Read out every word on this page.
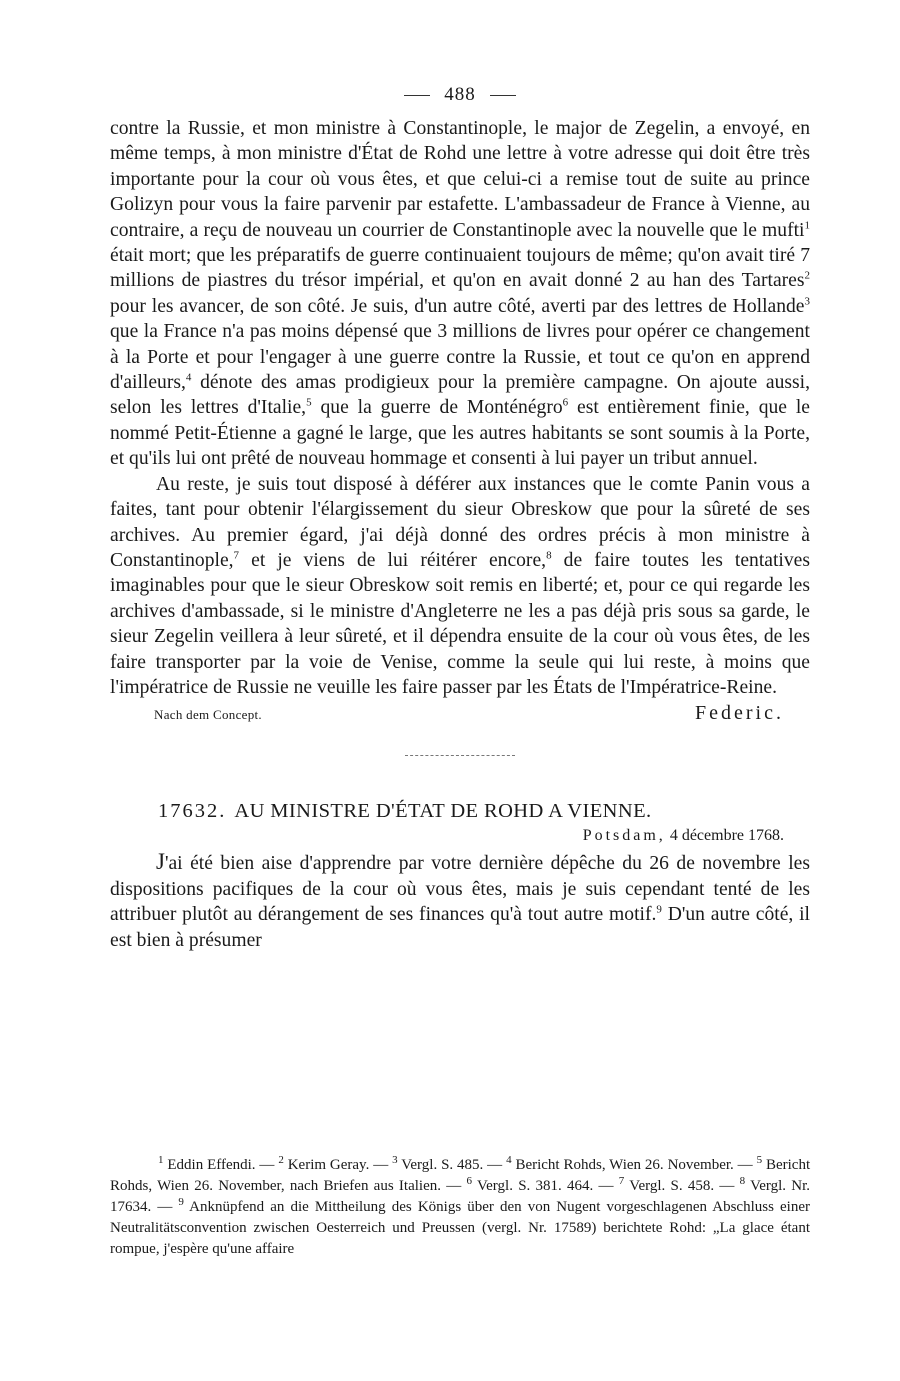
488

contre la Russie, et mon ministre à Constantinople, le major de Zegelin, a envoyé, en même temps, à mon ministre d'État de Rohd une lettre à votre adresse qui doit être très importante pour la cour où vous êtes, et que celui-ci a remise tout de suite au prince Golizyn pour vous la faire parvenir par estafette. L'ambassadeur de France à Vienne, au contraire, a reçu de nouveau un courrier de Constantinople avec la nouvelle que le mufti$^1$ était mort; que les préparatifs de guerre continuaient toujours de même; qu'on avait tiré 7 millions de piastres du trésor impérial, et qu'on en avait donné 2 au han des Tartares$^2$ pour les avancer, de son côté. Je suis, d'un autre côté, averti par des lettres de Hollande$^3$ que la France n'a pas moins dépensé que 3 millions de livres pour opérer ce changement à la Porte et pour l'engager à une guerre contre la Russie, et tout ce qu'on en apprend d'ailleurs,$^4$ dénote des amas prodigieux pour la première campagne. On ajoute aussi, selon les lettres d'Italie,$^5$ que la guerre de Monténégro$^6$ est entièrement finie, que le nommé Petit-Étienne a gagné le large, que les autres habitants se sont soumis à la Porte, et qu'ils lui ont prêté de nouveau hommage et consenti à lui payer un tribut annuel.

Au reste, je suis tout disposé à déférer aux instances que le comte Panin vous a faites, tant pour obtenir l'élargissement du sieur Obreskow que pour la sûreté de ses archives. Au premier égard, j'ai déjà donné des ordres précis à mon ministre à Constantinople,$^7$ et je viens de lui réitérer encore,$^8$ de faire toutes les tentatives imaginables pour que le sieur Obreskow soit remis en liberté; et, pour ce qui regarde les archives d'ambassade, si le ministre d'Angleterre ne les a pas déjà pris sous sa garde, le sieur Zegelin veillera à leur sûreté, et il dépendra ensuite de la cour où vous êtes, de les faire transporter par la voie de Venise, comme la seule qui lui reste, à moins que l'impératrice de Russie ne veuille les faire passer par les États de l'Impératrice-Reine.

Nach dem Concept.	Federic.
17632. AU MINISTRE D'ÉTAT DE ROHD A VIENNE.
Potsdam, 4 décembre 1768.

J'ai été bien aise d'apprendre par votre dernière dépêche du 26 de novembre les dispositions pacifiques de la cour où vous êtes, mais je suis cependant tenté de les attribuer plutôt au dérangement de ses finances qu'à tout autre motif.$^9$ D'un autre côté, il est bien à présumer

$^1$ Eddin Effendi. — $^2$ Kerim Geray. — $^3$ Vergl. S. 485. — $^4$ Bericht Rohds, Wien 26. November. — $^5$ Bericht Rohds, Wien 26. November, nach Briefen aus Italien. — $^6$ Vergl. S. 381. 464. — $^7$ Vergl. S. 458. — $^8$ Vergl. Nr. 17634. — $^9$ Anknüpfend an die Mittheilung des Königs über den von Nugent vorgeschlagenen Abschluss einer Neutralitätsconvention zwischen Oesterreich und Preussen (vergl. Nr. 17589) berichtete Rohd: „La glace étant rompue, j'espère qu'une affaire
